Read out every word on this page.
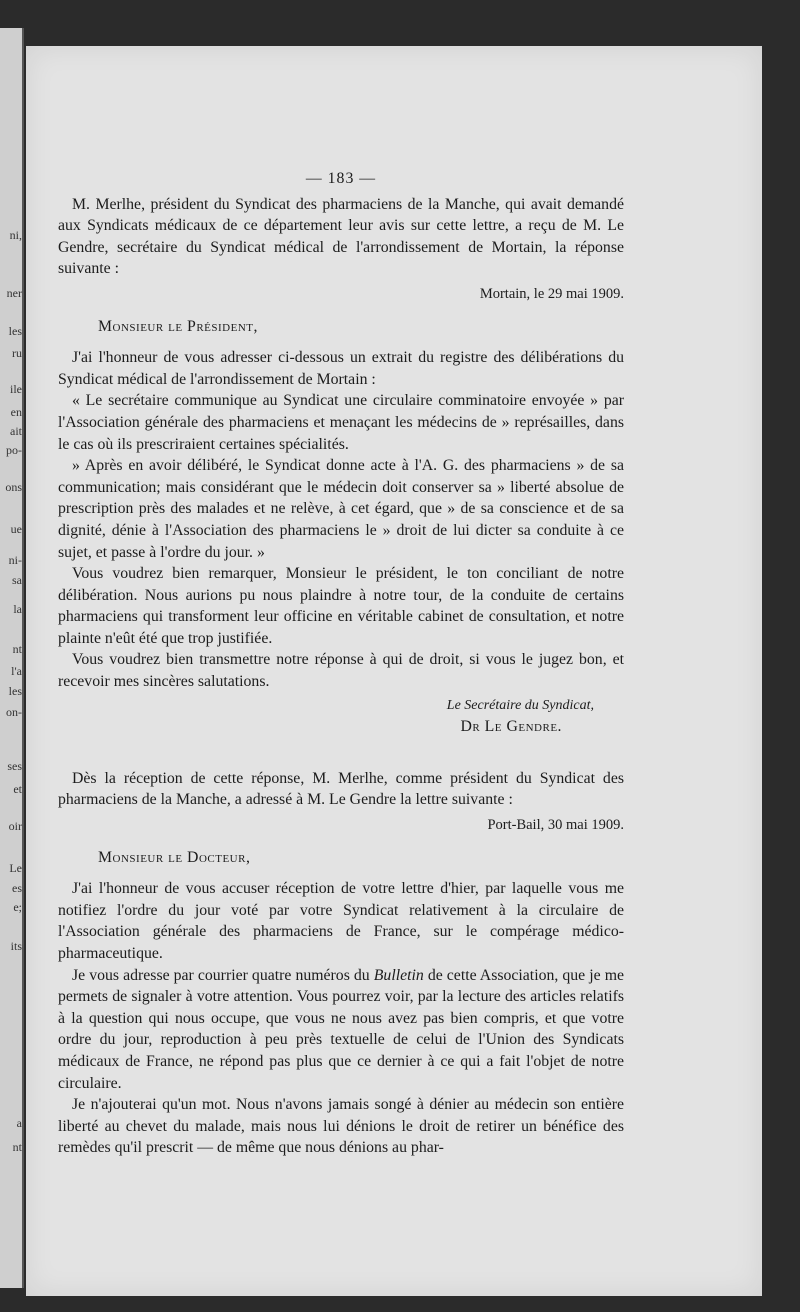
ni,
ner
les
ru
ile
en
ait
po-
ons
ue
ni-
sa
la
nt
l'a
les
on-
ses
et
oir
Le
es
e;
its
a
nt
— 183 —

M. Merlhe, président du Syndicat des pharmaciens de la Manche, qui avait demandé aux Syndicats médicaux de ce département leur avis sur cette lettre, a reçu de M. Le Gendre, secrétaire du Syndicat médical de l'arrondissement de Mortain, la réponse suivante :

Mortain, le 29 mai 1909.
Monsieur le Président,

J'ai l'honneur de vous adresser ci-dessous un extrait du registre des délibérations du Syndicat médical de l'arrondissement de Mortain :

« Le secrétaire communique au Syndicat une circulaire comminatoire envoyée » par l'Association générale des pharmaciens et menaçant les médecins de » représailles, dans le cas où ils prescriraient certaines spécialités.

» Après en avoir délibéré, le Syndicat donne acte à l'A. G. des pharmaciens » de sa communication; mais considérant que le médecin doit conserver sa » liberté absolue de prescription près des malades et ne relève, à cet égard, que » de sa conscience et de sa dignité, dénie à l'Association des pharmaciens le » droit de lui dicter sa conduite à ce sujet, et passe à l'ordre du jour. »

Vous voudrez bien remarquer, Monsieur le président, le ton conciliant de notre délibération. Nous aurions pu nous plaindre à notre tour, de la conduite de certains pharmaciens qui transforment leur officine en véritable cabinet de consultation, et notre plainte n'eût été que trop justifiée.

Vous voudrez bien transmettre notre réponse à qui de droit, si vous le jugez bon, et recevoir mes sincères salutations.

Le Secrétaire du Syndicat,
Dr Le Gendre.

Dès la réception de cette réponse, M. Merlhe, comme président du Syndicat des pharmaciens de la Manche, a adressé à M. Le Gendre la lettre suivante :

Port-Bail, 30 mai 1909.
Monsieur le Docteur,

J'ai l'honneur de vous accuser réception de votre lettre d'hier, par laquelle vous me notifiez l'ordre du jour voté par votre Syndicat relativement à la circulaire de l'Association générale des pharmaciens de France, sur le compérage médico-pharmaceutique.

Je vous adresse par courrier quatre numéros du Bulletin de cette Association, que je me permets de signaler à votre attention. Vous pourrez voir, par la lecture des articles relatifs à la question qui nous occupe, que vous ne nous avez pas bien compris, et que votre ordre du jour, reproduction à peu près textuelle de celui de l'Union des Syndicats médicaux de France, ne répond pas plus que ce dernier à ce qui a fait l'objet de notre circulaire.

Je n'ajouterai qu'un mot. Nous n'avons jamais songé à dénier au médecin son entière liberté au chevet du malade, mais nous lui dénions le droit de retirer un bénéfice des remèdes qu'il prescrit — de même que nous dénions au phar-
